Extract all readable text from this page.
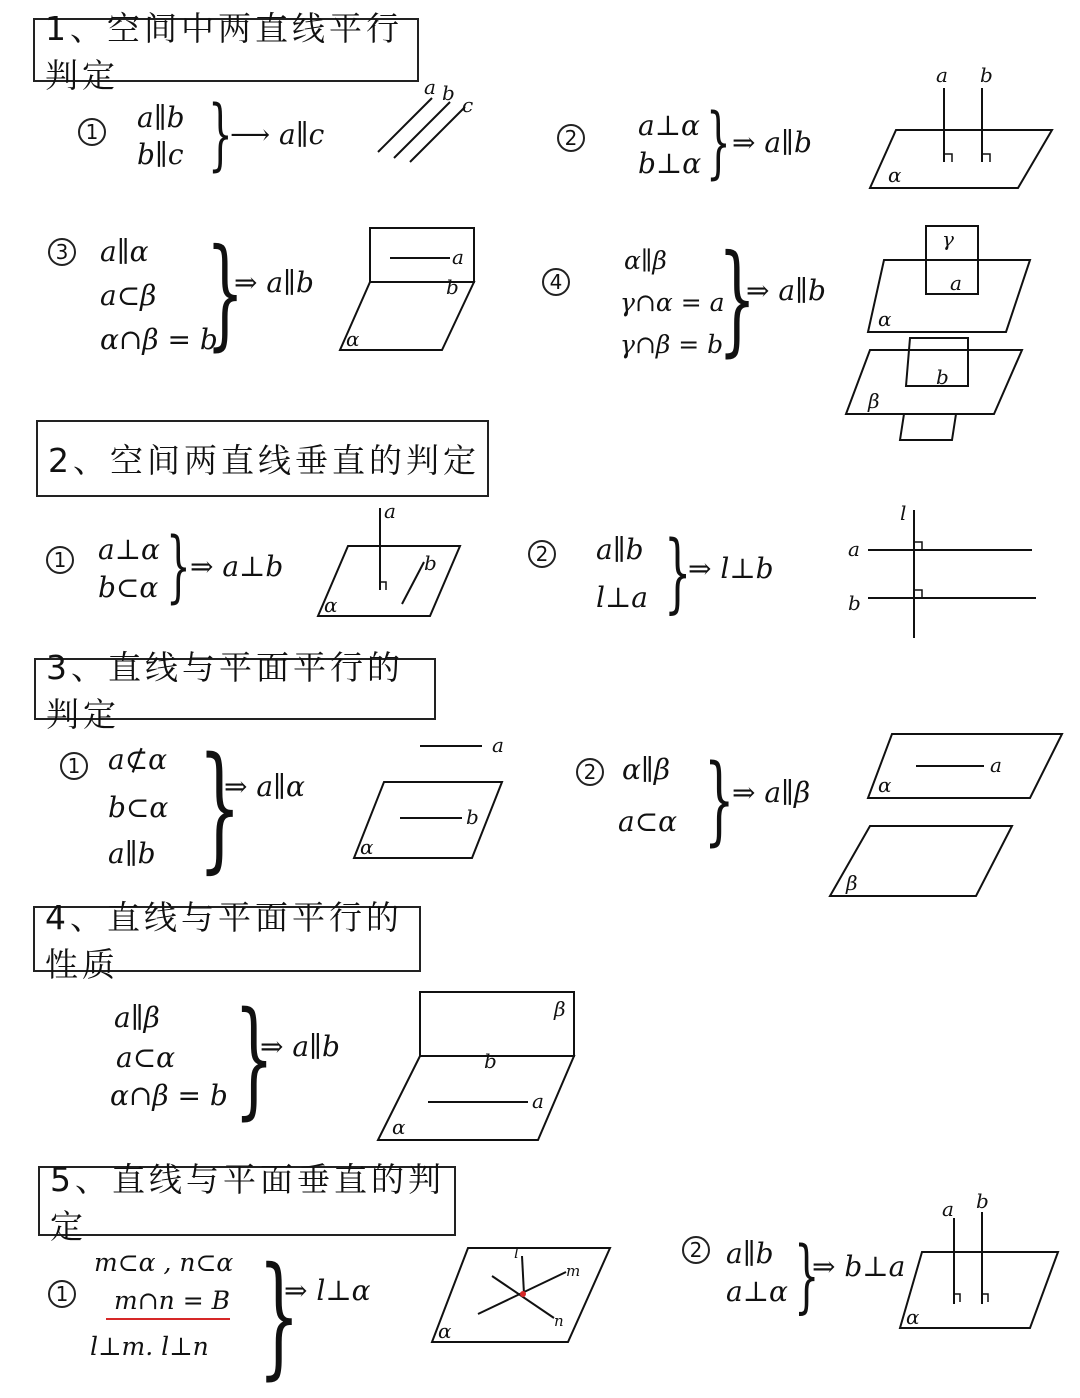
1、空间中两直线平行判定
1 a∥b
b∥c }
⟶ a∥c
a b c
2 a⊥α
b⊥α } ⇒ a∥b
a b
α
3 a∥α
a⊂β
α∩β = b
}
⇒ a∥b
a
b
α
4
α∥β
γ∩α = a
γ∩β = b
}
⇒ a∥b
γ
a
α
b
β
2、空间两直线垂直的判定
1 a⊥α
b⊂α } ⇒ a⊥b
a
b
α
2 a∥b
l⊥a }
⇒ l⊥b
l
a
b
3、直线与平面平行的判定
1 a⊄α
b⊂α
a∥b }
⇒ a∥α
a
b
α
2 α∥β
a⊂α }
⇒ a∥β
a
α
β
4、直线与平面平行的性质
a∥β
a⊂α
α∩β = b }
⇒ a∥b
β
b
a
α
5、直线与平面垂直的判定
1
m⊂α , n⊂α
m∩n = B
l⊥m. l⊥n }
⇒ l⊥α
l
m
n
α
2 a∥b
a⊥α }
⇒ b⊥a
a b
α
